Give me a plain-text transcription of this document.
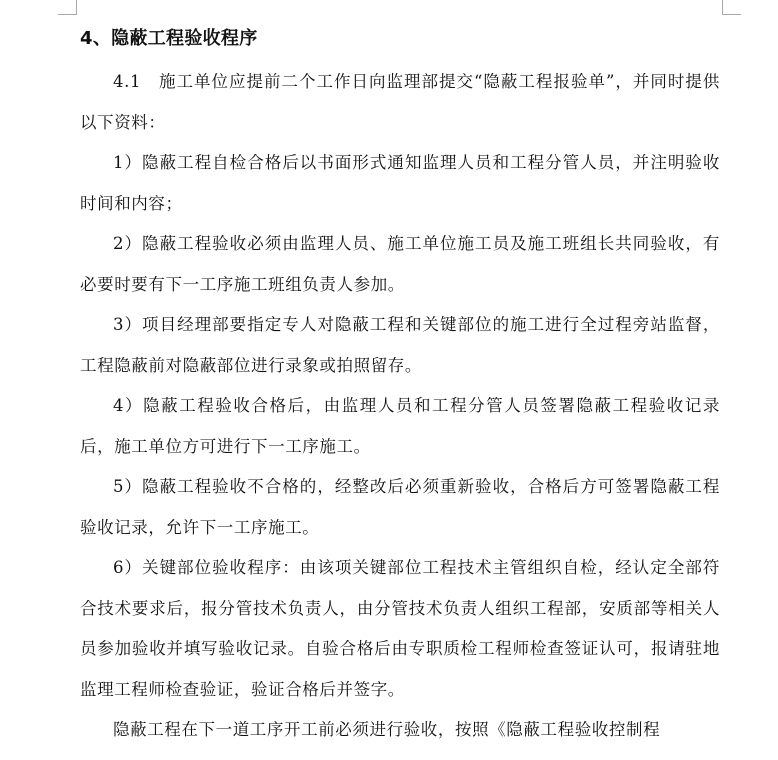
4、隐蔽工程验收程序

4.1　施工单位应提前二个工作日向监理部提交“隐蔽工程报验单”，并同时提供以下资料：

1）隐蔽工程自检合格后以书面形式通知监理人员和工程分管人员，并注明验收时间和内容；

2）隐蔽工程验收必须由监理人员、施工单位施工员及施工班组长共同验收，有必要时要有下一工序施工班组负责人参加。

3）项目经理部要指定专人对隐蔽工程和关键部位的施工进行全过程旁站监督，工程隐蔽前对隐蔽部位进行录象或拍照留存。

4）隐蔽工程验收合格后，由监理人员和工程分管人员签署隐蔽工程验收记录后，施工单位方可进行下一工序施工。

5）隐蔽工程验收不合格的，经整改后必须重新验收，合格后方可签署隐蔽工程验收记录，允许下一工序施工。

6）关键部位验收程序：由该项关键部位工程技术主管组织自检，经认定全部符合技术要求后，报分管技术负责人，由分管技术负责人组织工程部，安质部等相关人员参加验收并填写验收记录。自验合格后由专职质检工程师检查签证认可，报请驻地监理工程师检查验证，验证合格后并签字。

隐蔽工程在下一道工序开工前必须进行验收，按照《隐蔽工程验收控制程
